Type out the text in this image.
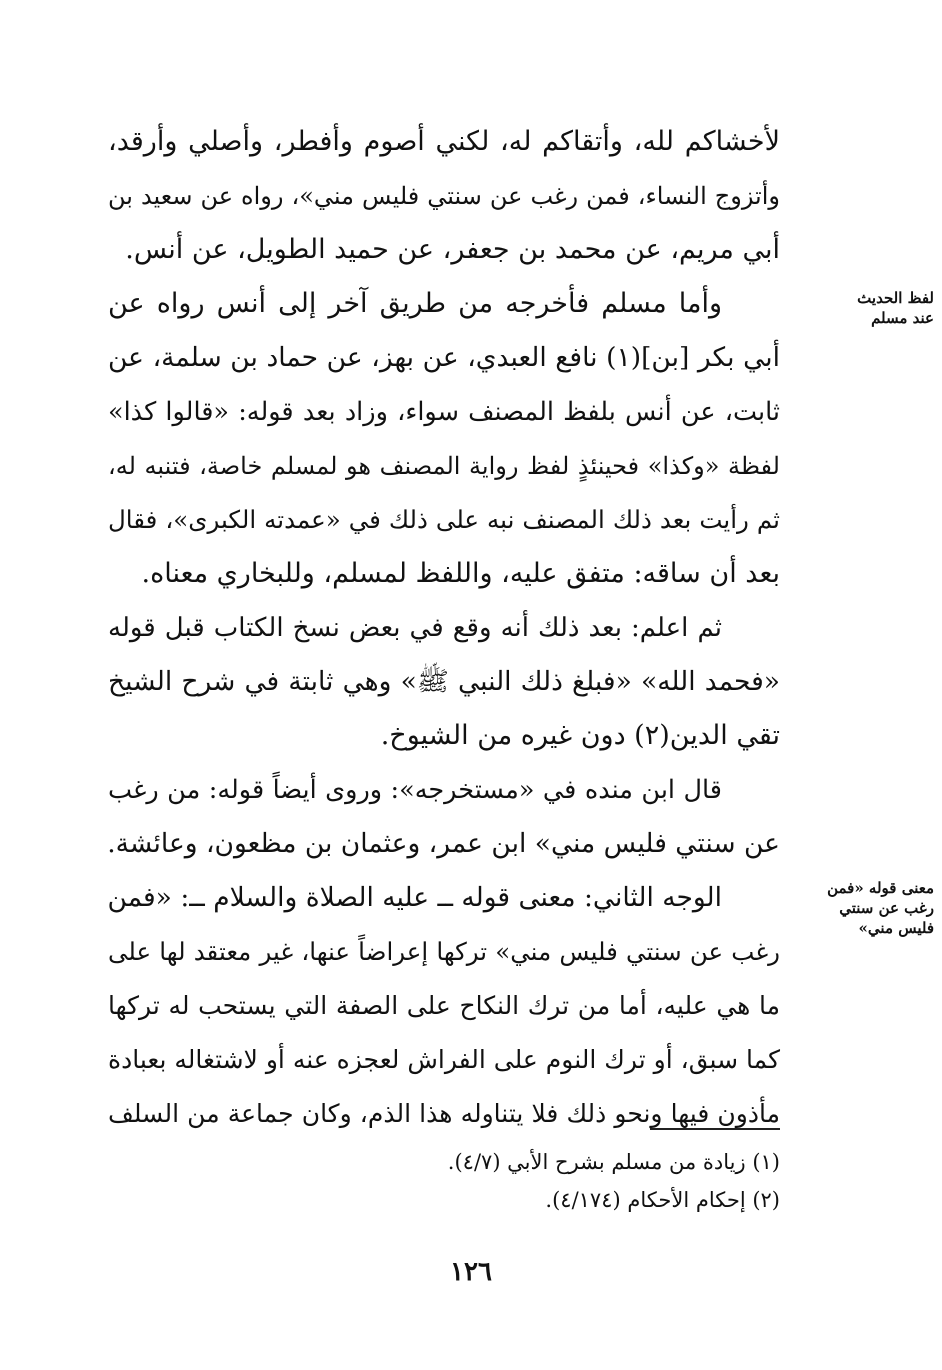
لأخشاكم لله، وأتقاكم له، لكني أصوم وأفطر، وأصلي وأرقد،
وأتزوج النساء، فمن رغب عن سنتي فليس مني»، رواه عن سعيد بن
أبي مريم، عن محمد بن جعفر، عن حميد الطويل، عن أنس.
وأما مسلم فأخرجه من طريق آخر إلى أنس رواه عن
أبي بكر [بن](١) نافع العبدي، عن بهز، عن حماد بن سلمة، عن
ثابت، عن أنس بلفظ المصنف سواء، وزاد بعد قوله: «قالوا كذا»
لفظة «وكذا» فحينئذٍ لفظ رواية المصنف هو لمسلم خاصة، فتنبه له،
ثم رأيت بعد ذلك المصنف نبه على ذلك في «عمدته الكبرى»، فقال
بعد أن ساقه: متفق عليه، واللفظ لمسلم، وللبخاري معناه.
ثم اعلم: بعد ذلك أنه وقع في بعض نسخ الكتاب قبل قوله
«فحمد الله» «فبلغ ذلك النبي ﷺ» وهي ثابتة في شرح الشيخ
تقي الدين(٢) دون غيره من الشيوخ.
قال ابن منده في «مستخرجه»: وروى أيضاً قوله: من رغب
عن سنتي فليس مني» ابن عمر، وعثمان بن مظعون، وعائشة.
الوجه الثاني: معنى قوله ــ عليه الصلاة والسلام ــ: «فمن
رغب عن سنتي فليس مني» تركها إعراضاً عنها، غير معتقد لها على
ما هي عليه، أما من ترك النكاح على الصفة التي يستحب له تركها
كما سبق، أو ترك النوم على الفراش لعجزه عنه أو لاشتغاله بعبادة
مأذون فيها ونحو ذلك فلا يتناوله هذا الذم، وكان جماعة من السلف
لفظ الحديث
عند مسلم
معنى قوله «فمن
رغب عن سنتي
فليس مني»
(١) زيادة من مسلم بشرح الأبي (٤/٧).
(٢) إحكام الأحكام (٤/١٧٤).
١٢٦
